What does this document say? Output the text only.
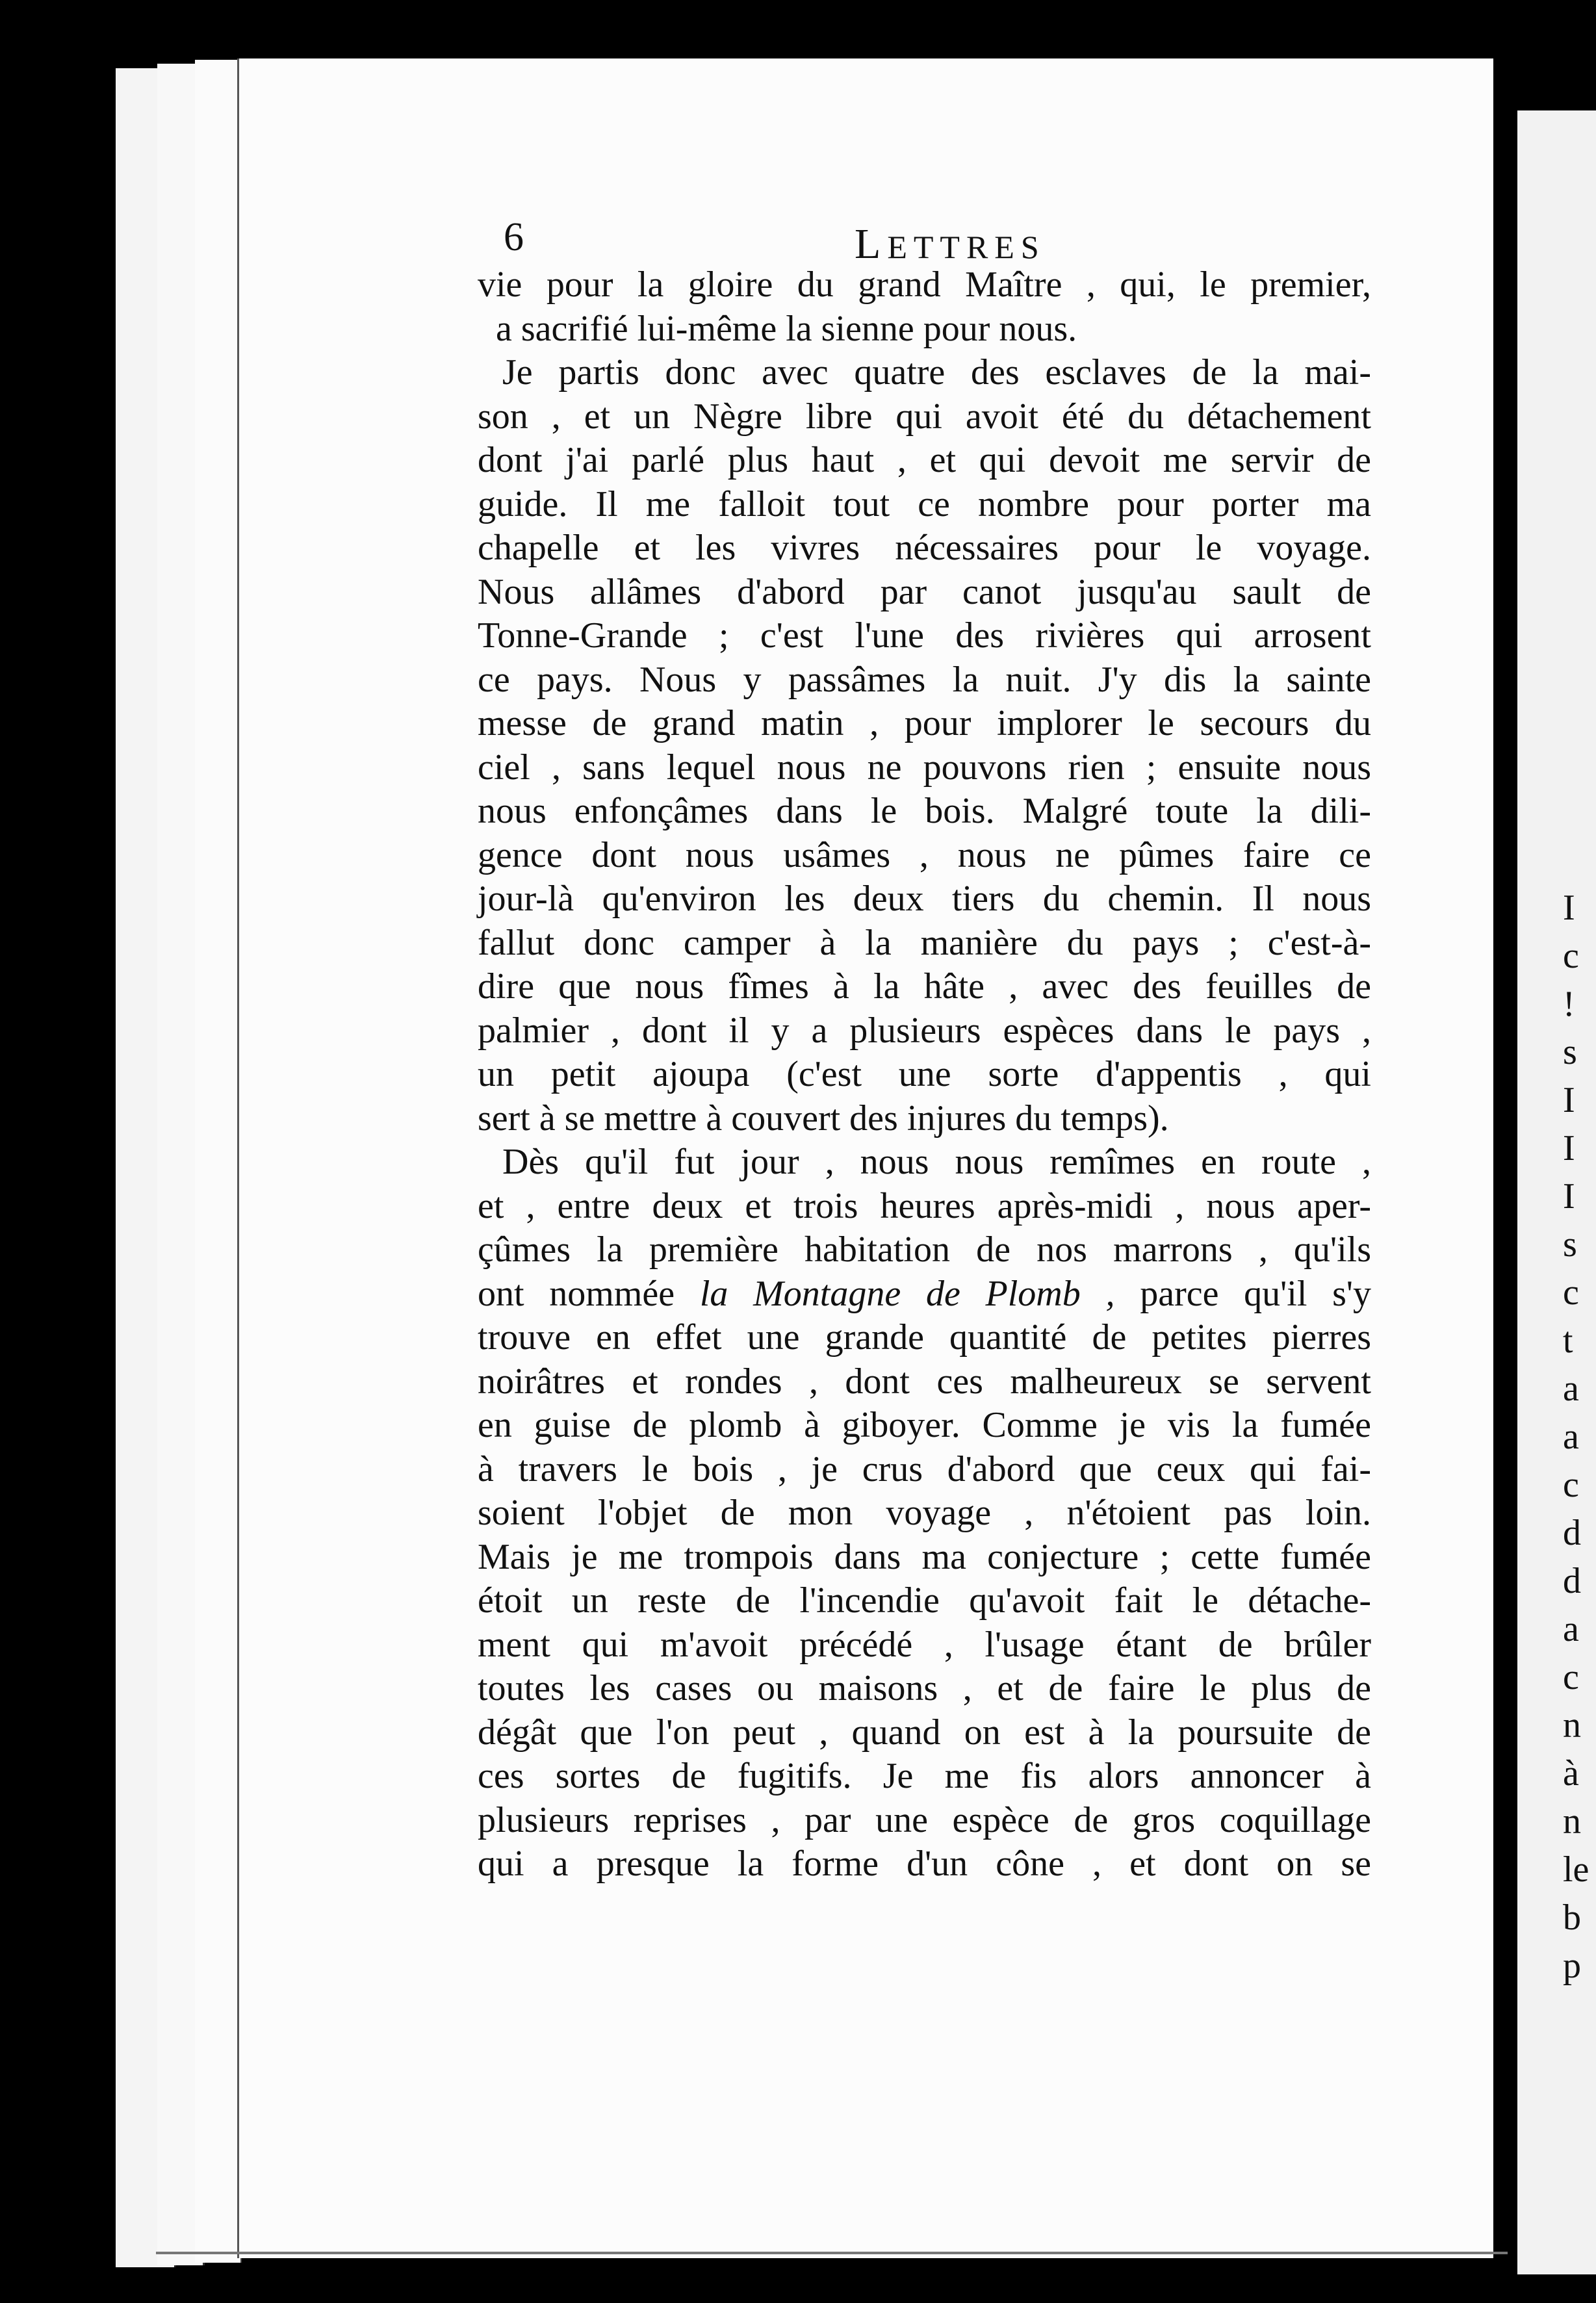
6	LETTRES
vie pour la gloire du grand Maître , qui, le premier,
a sacrifié lui-même la sienne pour nous.
Je partis donc avec quatre des esclaves de la mai-
son , et un Nègre libre qui avoit été du détachement
dont j'ai parlé plus haut , et qui devoit me servir de
guide. Il me falloit tout ce nombre pour porter ma
chapelle et les vivres nécessaires pour le voyage.
Nous allâmes d'abord par canot jusqu'au sault de
Tonne-Grande ; c'est l'une des rivières qui arrosent
ce pays. Nous y passâmes la nuit. J'y dis la sainte
messe de grand matin , pour implorer le secours du
ciel , sans lequel nous ne pouvons rien ; ensuite nous
nous enfonçâmes dans le bois. Malgré toute la dili-
gence dont nous usâmes , nous ne pûmes faire ce
jour-là qu'environ les deux tiers du chemin. Il nous
fallut donc camper à la manière du pays ; c'est-à-
dire que nous fîmes à la hâte , avec des feuilles de
palmier , dont il y a plusieurs espèces dans le pays ,
un petit ajoupa (c'est une sorte d'appentis , qui
sert à se mettre à couvert des injures du temps).
Dès qu'il fut jour , nous nous remîmes en route ,
et , entre deux et trois heures après-midi , nous aper-
çûmes la première habitation de nos marrons , qu'ils
ont nommée la Montagne de Plomb , parce qu'il s'y
trouve en effet une grande quantité de petites pierres
noirâtres et rondes , dont ces malheureux se servent
en guise de plomb à giboyer. Comme je vis la fumée
à travers le bois , je crus d'abord que ceux qui fai-
soient l'objet de mon voyage , n'étoient pas loin.
Mais je me trompois dans ma conjecture ; cette fumée
étoit un reste de l'incendie qu'avoit fait le détache-
ment qui m'avoit précédé , l'usage étant de brûler
toutes les cases ou maisons , et de faire le plus de
dégât que l'on peut , quand on est à la poursuite de
ces sortes de fugitifs. Je me fis alors annoncer à
plusieurs reprises , par une espèce de gros coquillage
qui a presque la forme d'un cône , et dont on se
I
c
!
s
I
I
I
s
c
t
a
a
c
d
d
a
c
n
à
n
le
b
p
